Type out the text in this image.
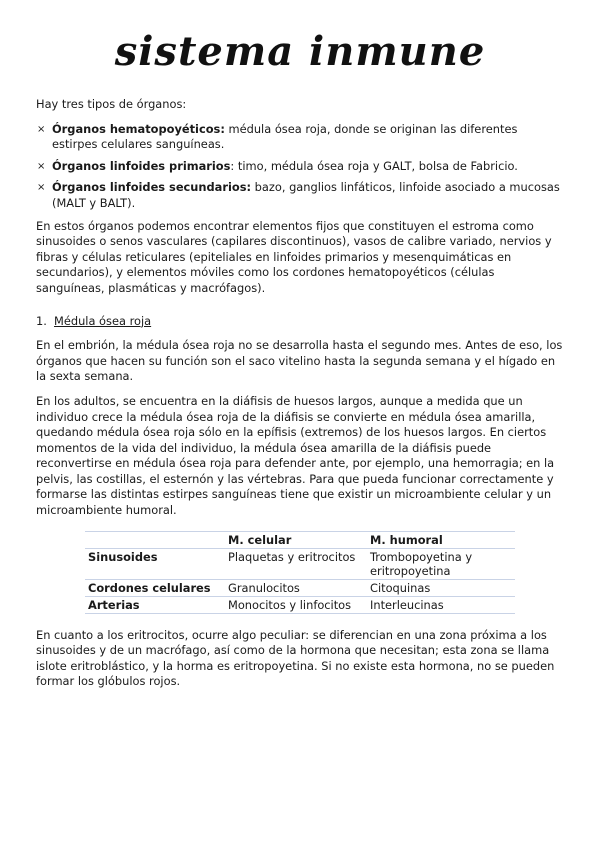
sistema inmune

Hay tres tipos de órganos:

× Órganos hematopoyéticos: médula ósea roja, donde se originan las diferentes estirpes celulares sanguíneas.
× Órganos linfoides primarios: timo, médula ósea roja y GALT, bolsa de Fabricio.
× Órganos linfoides secundarios: bazo, ganglios linfáticos, linfoide asociado a mucosas (MALT y BALT).

En estos órganos podemos encontrar elementos fijos que constituyen el estroma como sinusoides o senos vasculares (capilares discontinuos), vasos de calibre variado, nervios y fibras y células reticulares (epiteliales en linfoides primarios y mesenquimáticas en secundarios), y elementos móviles como los cordones hematopoyéticos (células sanguíneas, plasmáticas y macrófagos).

1. Médula ósea roja

En el embrión, la médula ósea roja no se desarrolla hasta el segundo mes. Antes de eso, los órganos que hacen su función son el saco vitelino hasta la segunda semana y el hígado en la sexta semana.

En los adultos, se encuentra en la diáfisis de huesos largos, aunque a medida que un individuo crece la médula ósea roja de la diáfisis se convierte en médula ósea amarilla, quedando médula ósea roja sólo en la epífisis (extremos) de los huesos largos. En ciertos momentos de la vida del individuo, la médula ósea amarilla de la diáfisis puede reconvertirse en médula ósea roja para defender ante, por ejemplo, una hemorragia; en la pelvis, las costillas, el esternón y las vértebras. Para que pueda funcionar correctamente y formarse las distintas estirpes sanguíneas tiene que existir un microambiente celular y un microambiente humoral.

	M. celular	M. humoral
Sinusoides	Plaquetas y eritrocitos	Trombopoyetina y eritropoyetina
Cordones celulares	Granulocitos	Citoquinas
Arterias	Monocitos y linfocitos	Interleucinas

En cuanto a los eritrocitos, ocurre algo peculiar: se diferencian en una zona próxima a los sinusoides y de un macrófago, así como de la hormona que necesitan; esta zona se llama islote eritroblástico, y la horma es eritropoyetina. Si no existe esta hormona, no se pueden formar los glóbulos rojos.
